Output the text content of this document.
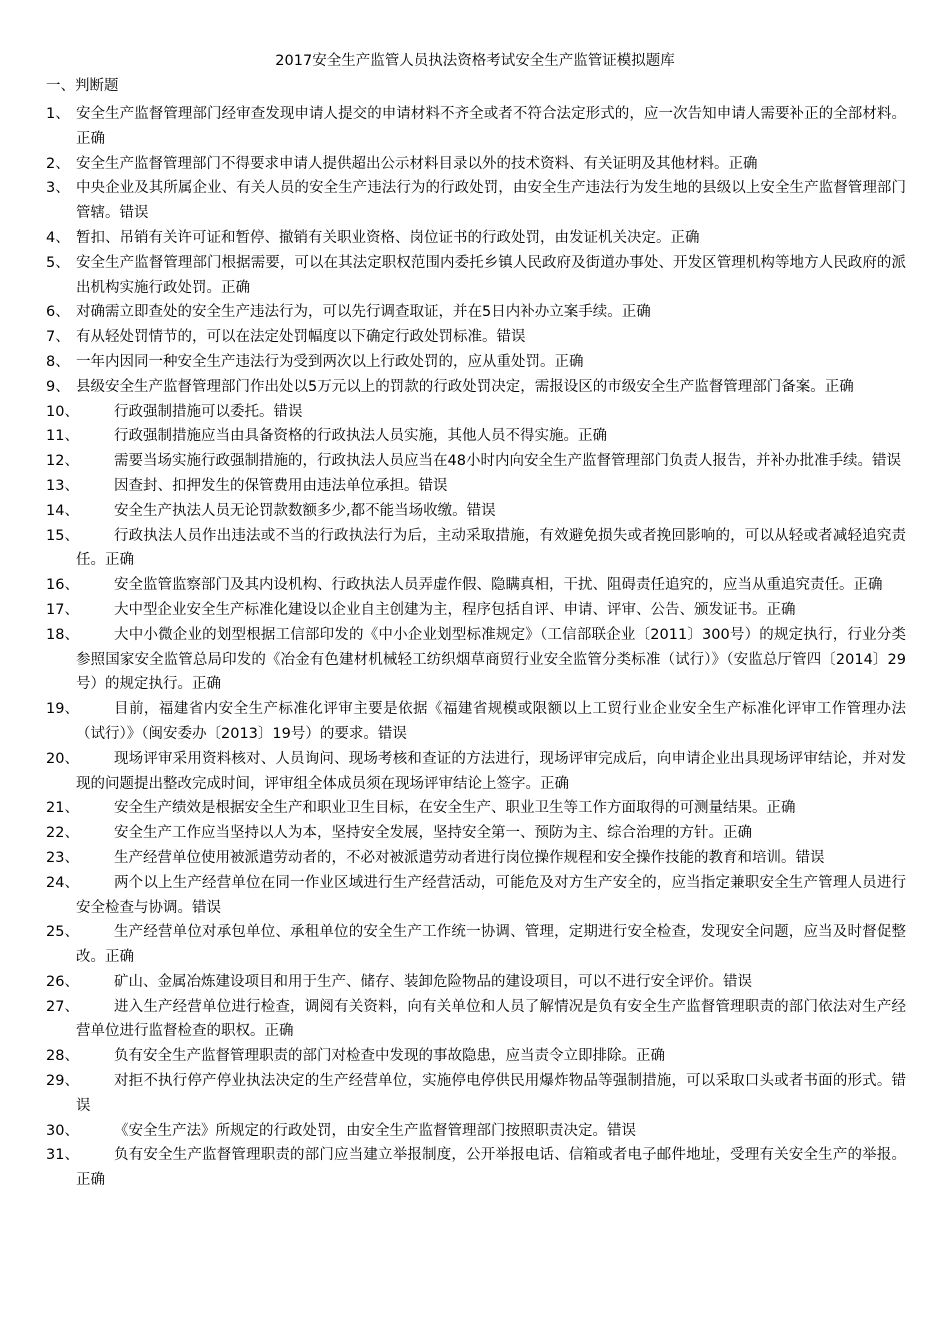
2017安全生产监管人员执法资格考试安全生产监管证模拟题库
一、判断题
1、 安全生产监督管理部门经审查发现申请人提交的申请材料不齐全或者不符合法定形式的，应一次告知申请人需要补正的全部材料。正确
2、 安全生产监督管理部门不得要求申请人提供超出公示材料目录以外的技术资料、有关证明及其他材料。正确
3、 中央企业及其所属企业、有关人员的安全生产违法行为的行政处罚，由安全生产违法行为发生地的县级以上安全生产监督管理部门管辖。错误
4、 暂扣、吊销有关许可证和暂停、撤销有关职业资格、岗位证书的行政处罚，由发证机关决定。正确
5、 安全生产监督管理部门根据需要，可以在其法定职权范围内委托乡镇人民政府及街道办事处、开发区管理机构等地方人民政府的派出机构实施行政处罚。正确
6、 对确需立即查处的安全生产违法行为，可以先行调查取证，并在5日内补办立案手续。正确
7、 有从轻处罚情节的，可以在法定处罚幅度以下确定行政处罚标准。错误
8、 一年内因同一种安全生产违法行为受到两次以上行政处罚的，应从重处罚。正确
9、 县级安全生产监督管理部门作出处以5万元以上的罚款的行政处罚决定，需报设区的市级安全生产监督管理部门备案。正确
10、	行政强制措施可以委托。错误
11、	行政强制措施应当由具备资格的行政执法人员实施，其他人员不得实施。正确
12、	需要当场实施行政强制措施的，行政执法人员应当在48小时内向安全生产监督管理部门负责人报告，并补办批准手续。错误
13、	因查封、扣押发生的保管费用由违法单位承担。错误
14、	安全生产执法人员无论罚款数额多少,都不能当场收缴。错误
15、	行政执法人员作出违法或不当的行政执法行为后，主动采取措施，有效避免损失或者挽回影响的，可以从轻或者减轻追究责任。正确
16、	安全监管监察部门及其内设机构、行政执法人员弄虚作假、隐瞒真相，干扰、阻碍责任追究的，应当从重追究责任。正确
17、	大中型企业安全生产标准化建设以企业自主创建为主，程序包括自评、申请、评审、公告、颁发证书。正确
18、	大中小微企业的划型根据工信部印发的《中小企业划型标准规定》（工信部联企业〔2011〕300号）的规定执行，行业分类参照国家安全监管总局印发的《冶金有色建材机械轻工纺织烟草商贸行业安全监管分类标准（试行）》（安监总厅管四〔2014〕29号）的规定执行。正确
19、	目前，福建省内安全生产标准化评审主要是依据《福建省规模或限额以上工贸行业企业安全生产标准化评审工作管理办法（试行）》（闽安委办〔2013〕19号）的要求。错误
20、	现场评审采用资料核对、人员询问、现场考核和查证的方法进行，现场评审完成后，向申请企业出具现场评审结论，并对发现的问题提出整改完成时间，评审组全体成员须在现场评审结论上签字。正确
21、	安全生产绩效是根据安全生产和职业卫生目标，在安全生产、职业卫生等工作方面取得的可测量结果。正确
22、	安全生产工作应当坚持以人为本，坚持安全发展，坚持安全第一、预防为主、综合治理的方针。正确
23、	生产经营单位使用被派遣劳动者的，不必对被派遣劳动者进行岗位操作规程和安全操作技能的教育和培训。错误
24、	两个以上生产经营单位在同一作业区域进行生产经营活动，可能危及对方生产安全的，应当指定兼职安全生产管理人员进行安全检查与协调。错误
25、	生产经营单位对承包单位、承租单位的安全生产工作统一协调、管理，定期进行安全检查，发现安全问题，应当及时督促整改。正确
26、	矿山、金属冶炼建设项目和用于生产、储存、装卸危险物品的建设项目，可以不进行安全评价。错误
27、	进入生产经营单位进行检查，调阅有关资料，向有关单位和人员了解情况是负有安全生产监督管理职责的部门依法对生产经营单位进行监督检查的职权。正确
28、	负有安全生产监督管理职责的部门对检查中发现的事故隐患，应当责令立即排除。正确
29、	对拒不执行停产停业执法决定的生产经营单位，实施停电停供民用爆炸物品等强制措施，可以采取口头或者书面的形式。错误
30、	《安全生产法》所规定的行政处罚，由安全生产监督管理部门按照职责决定。错误
31、	负有安全生产监督管理职责的部门应当建立举报制度，公开举报电话、信箱或者电子邮件地址，受理有关安全生产的举报。正确
